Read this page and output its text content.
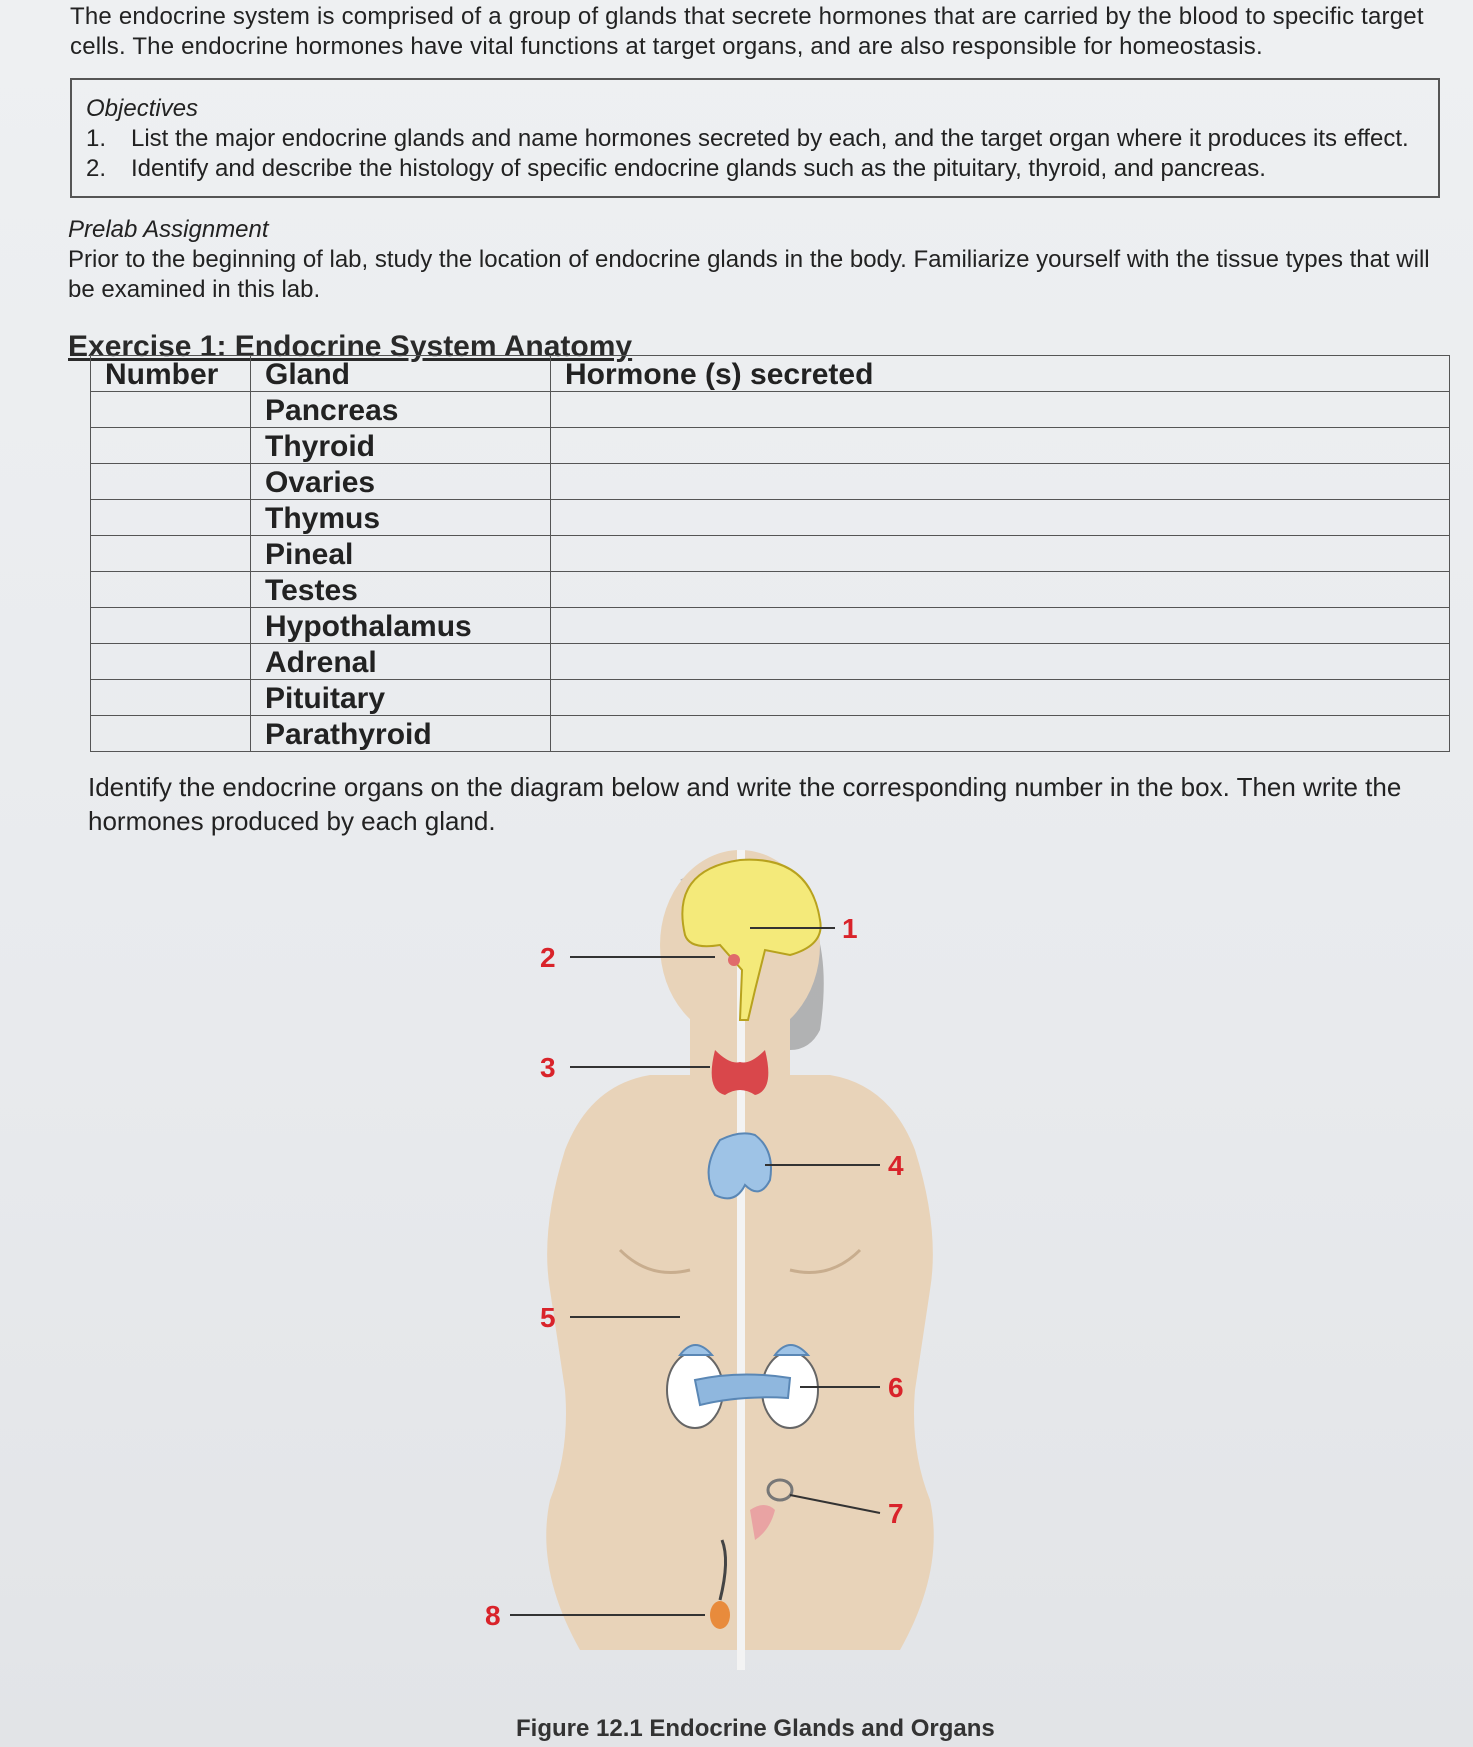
The endocrine system is comprised of a group of glands that secrete hormones that are carried by the blood to specific target cells. The endocrine hormones have vital functions at target organs, and are also responsible for homeostasis.
Objectives
1.	List the major endocrine glands and name hormones secreted by each, and the target organ where it produces its effect.
2.	Identify and describe the histology of specific endocrine glands such as the pituitary, thyroid, and pancreas.
Prelab Assignment
Prior to the beginning of lab, study the location of endocrine glands in the body. Familiarize yourself with the tissue types that will be examined in this lab.
Exercise 1: Endocrine System Anatomy
Number	Gland	Hormone (s) secreted
	Pancreas	
	Thyroid	
	Ovaries	
	Thymus	
	Pineal	
	Testes	
	Hypothalamus	
	Adrenal	
	Pituitary	
	Parathyroid	
Identify the endocrine organs on the diagram below and write the corresponding number in the box. Then write the hormones produced by each gland.
1
2
3
4
5
6
7
8
Figure 12.1 Endocrine Glands and Organs
